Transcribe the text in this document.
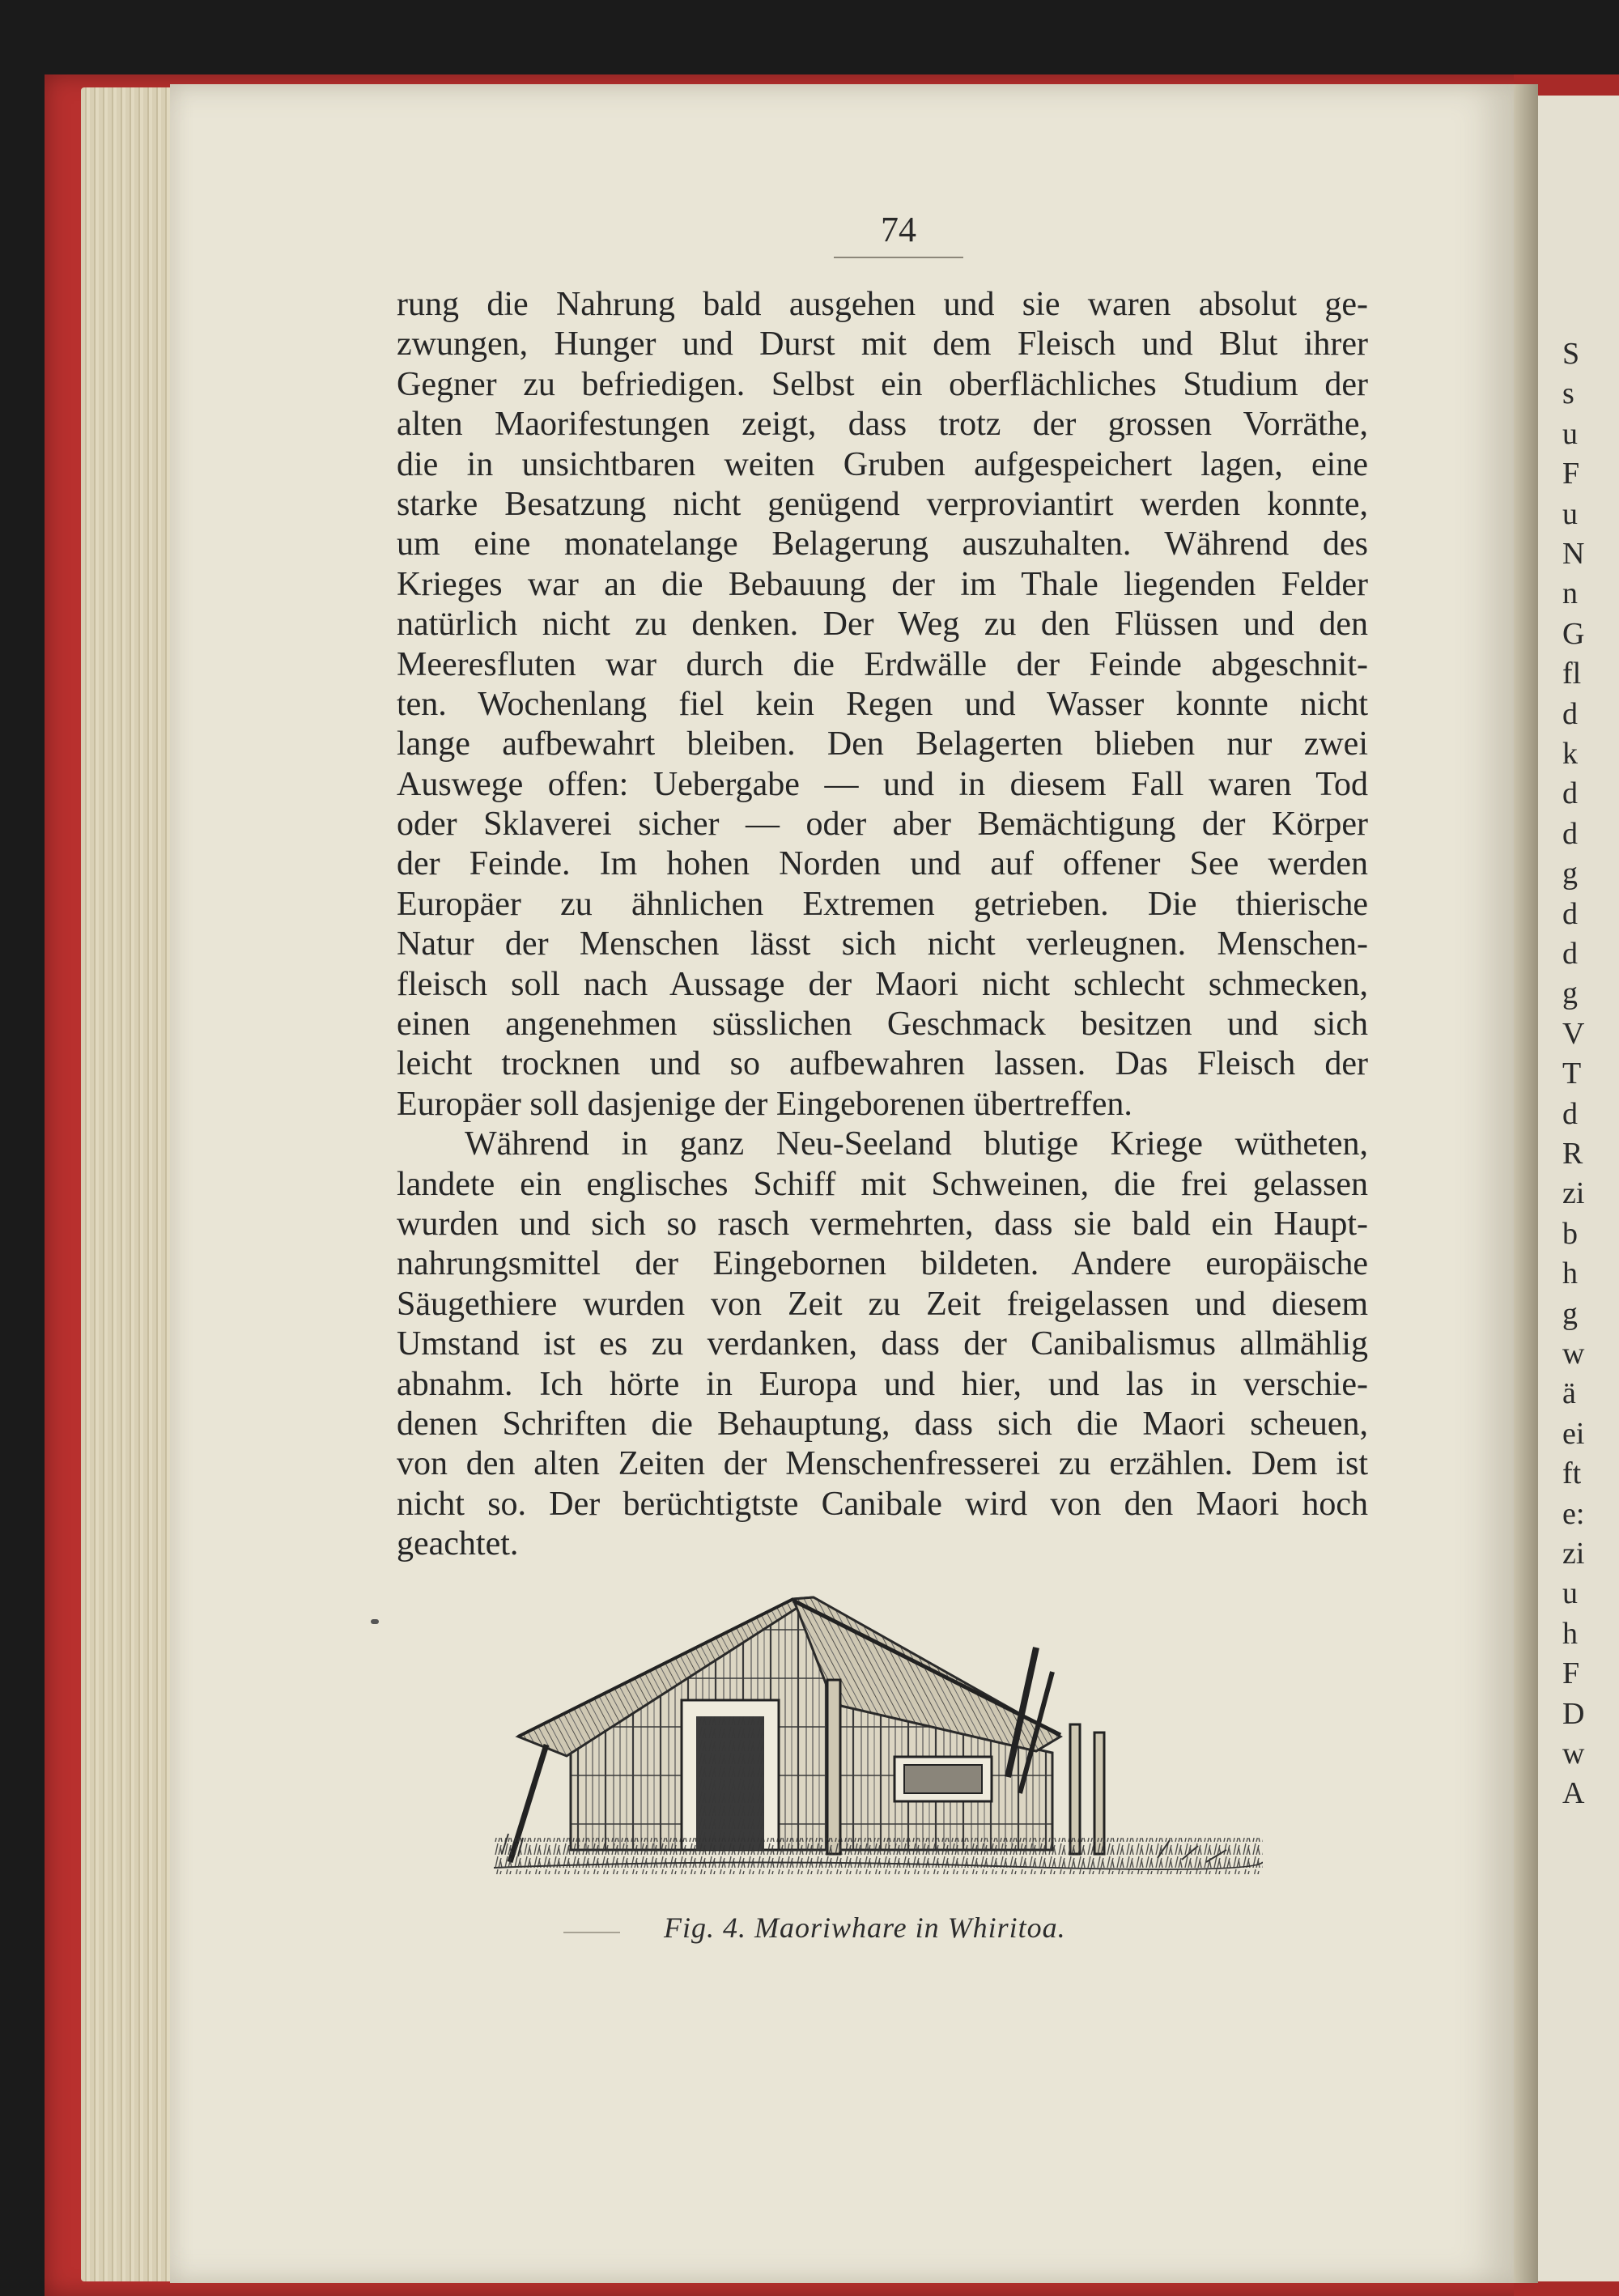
S
s
u
F
u
N
n
G
fl
d
k
d
d
g
d
d
g
V
T
d
R
zi
b
h
g
w
ä
ei
ft
e:
zi
u
h
F
D
w
A
74
rung die Nahrung bald ausgehen und sie waren absolut ge-
zwungen, Hunger und Durst mit dem Fleisch und Blut ihrer
Gegner zu befriedigen. Selbst ein oberflächliches Studium der
alten Maorifestungen zeigt, dass trotz der grossen Vorräthe,
die in unsichtbaren weiten Gruben aufgespeichert lagen, eine
starke Besatzung nicht genügend verproviantirt werden konnte,
um eine monatelange Belagerung auszuhalten. Während des
Krieges war an die Bebauung der im Thale liegenden Felder
natürlich nicht zu denken. Der Weg zu den Flüssen und den
Meeresfluten war durch die Erdwälle der Feinde abgeschnit-
ten. Wochenlang fiel kein Regen und Wasser konnte nicht
lange aufbewahrt bleiben. Den Belagerten blieben nur zwei
Auswege offen: Uebergabe — und in diesem Fall waren Tod
oder Sklaverei sicher — oder aber Bemächtigung der Körper
der Feinde. Im hohen Norden und auf offener See werden
Europäer zu ähnlichen Extremen getrieben. Die thierische
Natur der Menschen lässt sich nicht verleugnen. Menschen-
fleisch soll nach Aussage der Maori nicht schlecht schmecken,
einen angenehmen süsslichen Geschmack besitzen und sich
leicht trocknen und so aufbewahren lassen. Das Fleisch der
Europäer soll dasjenige der Eingeborenen übertreffen.
Während in ganz Neu-Seeland blutige Kriege wütheten,
landete ein englisches Schiff mit Schweinen, die frei gelassen
wurden und sich so rasch vermehrten, dass sie bald ein Haupt-
nahrungsmittel der Eingebornen bildeten. Andere europäische
Säugethiere wurden von Zeit zu Zeit freigelassen und diesem
Umstand ist es zu verdanken, dass der Canibalismus allmählig
abnahm. Ich hörte in Europa und hier, und las in verschie-
denen Schriften die Behauptung, dass sich die Maori scheuen,
von den alten Zeiten der Menschenfresserei zu erzählen. Dem ist
nicht so. Der berüchtigtste Canibale wird von den Maori hoch
geachtet.
Fig. 4. Maoriwhare in Whiritoa.
